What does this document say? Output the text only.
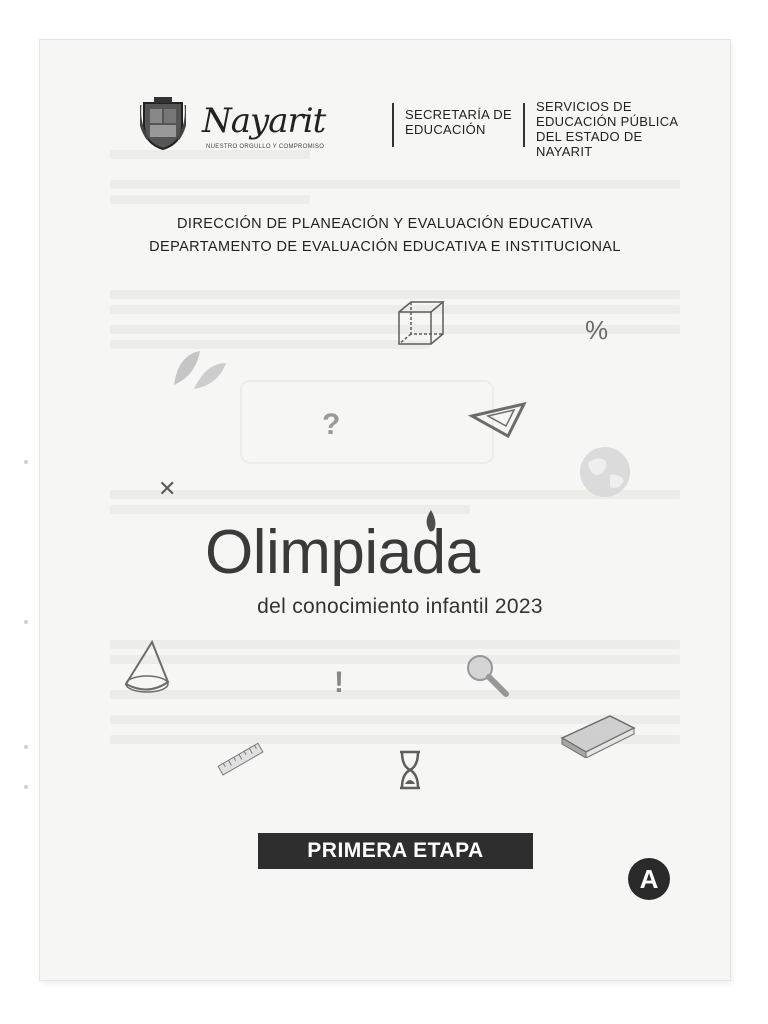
Nayarit
NUESTRO ORGULLO Y COMPROMISO
SECRETARÍA DE
EDUCACIÓN
SERVICIOS DE
EDUCACIÓN PÚBLICA
DEL ESTADO DE NAYARIT
DIRECCIÓN DE PLANEACIÓN Y EVALUACIÓN EDUCATIVA
DEPARTAMENTO DE EVALUACIÓN EDUCATIVA E INSTITUCIONAL
%
?
✕
Olimpiada
del conocimiento infantil 2023
!
PRIMERA ETAPA
A
